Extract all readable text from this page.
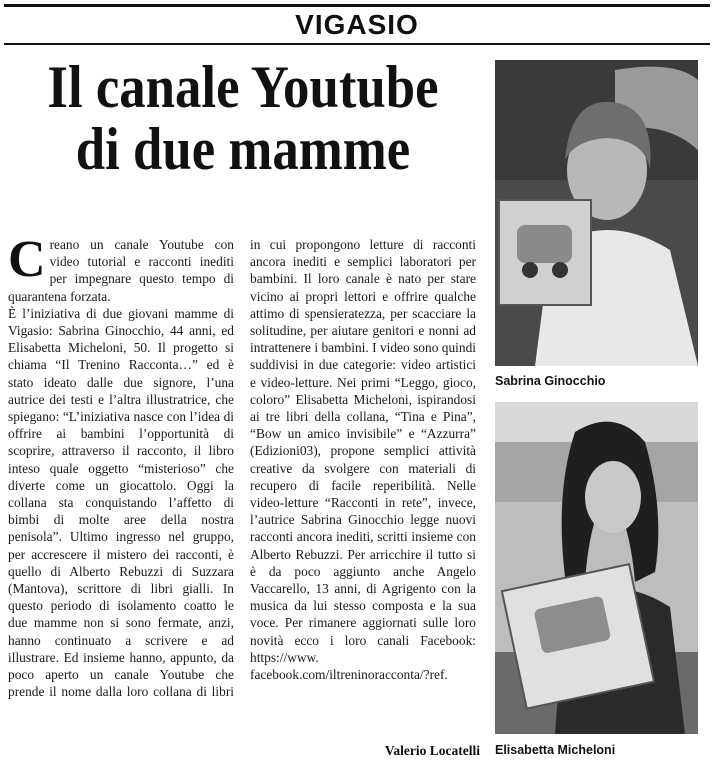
VIGASIO
Il canale Youtube
di due mamme

Creano un canale Youtube con video tutorial e racconti inediti per impegnare questo tempo di quarantena forzata.

È l’iniziativa di due giovani mamme di Vigasio: Sabrina Ginocchio, 44 anni, ed Elisabetta Micheloni, 50. Il progetto si chiama “Il Trenino Racconta…” ed è stato ideato dalle due signore, l’una autrice dei testi e l’altra illustratrice, che spiegano: “L’iniziativa nasce con l’idea di offrire ai bambini l’opportunità di scoprire, attraverso il racconto, il libro inteso quale oggetto “misterioso” che diverte come un giocattolo. Oggi la collana sta conquistando l’affetto di bimbi di molte aree della nostra penisola”. Ultimo ingresso nel gruppo, per accrescere il mistero dei racconti, è quello di Alberto Rebuzzi di Suzzara (Mantova), scrittore di libri gialli. In questo periodo di isolamento coatto le due mamme non si sono fermate, anzi, hanno continuato a scrivere e ad illustrare. Ed insieme hanno, appunto, da poco aperto un canale Youtube che prende il nome dalla loro collana di libri in cui propongono letture di racconti ancora inediti e semplici laboratori per bambini. Il loro canale è nato per stare vicino ai propri lettori e offrire qualche attimo di spensieratezza, per scacciare la solitudine, per aiutare genitori e nonni ad intrattenere i bambini. I video sono quindi suddivisi in due categorie: video artistici e video-letture. Nei primi “Leggo, gioco, coloro” Elisabetta Micheloni, ispirandosi ai tre libri della collana, “Tina e Pina”, “Bow un amico invisibile” e “Azzurra” (Edizioni03), propone semplici attività creative da svolgere con materiali di recupero di facile reperibilità. Nelle video-letture “Racconti in rete”, invece, l’autrice Sabrina Ginocchio legge nuovi racconti ancora inediti, scritti insieme con Alberto Rebuzzi. Per arricchire il tutto si è da poco aggiunto anche Angelo Vaccarello, 13 anni, di Agrigento con la musica da lui stesso composta e la sua voce. Per rimanere aggiornati sulle loro novità ecco i loro canali Facebook: https://www. facebook.com/iltreninoracconta/?ref.

Valerio Locatelli
Sabrina Ginocchio
Elisabetta Micheloni
